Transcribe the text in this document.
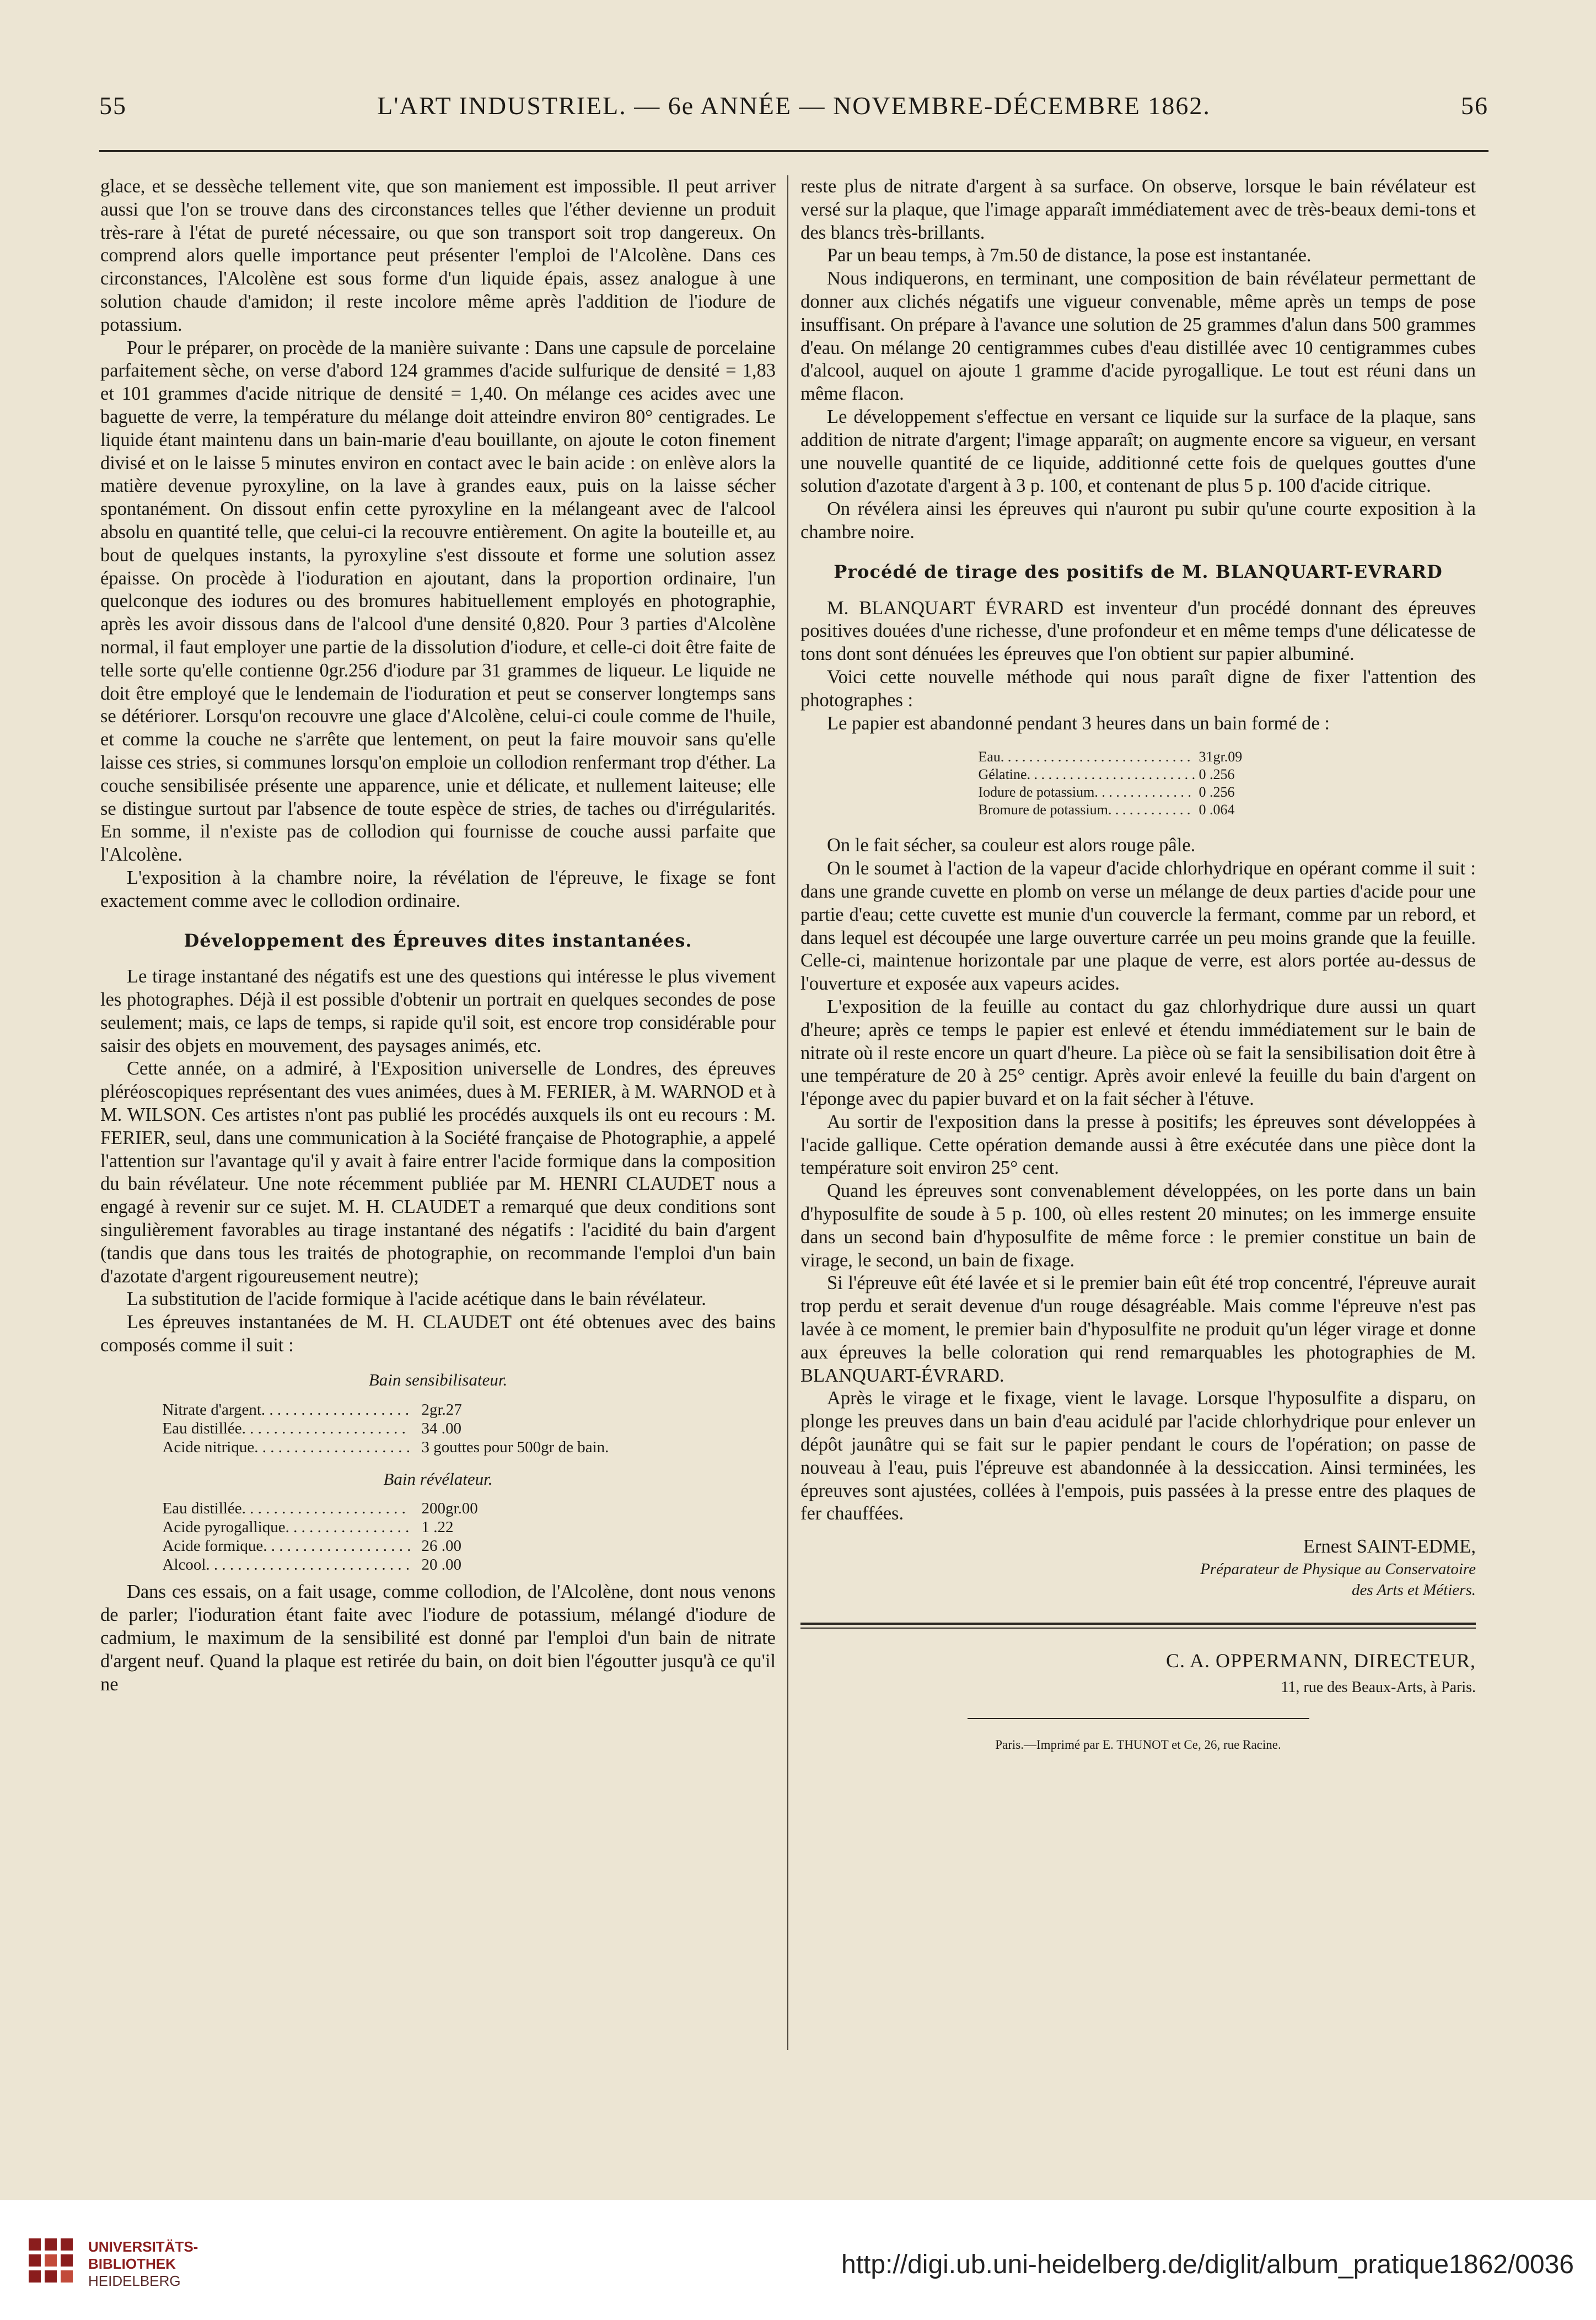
55	L'ART INDUSTRIEL. — 6e ANNÉE — NOVEMBRE-DÉCEMBRE 1862.	56

glace, et se dessèche tellement vite, que son maniement est impossible. Il peut arriver aussi que l'on se trouve dans des circonstances telles que l'éther devienne un produit très-rare à l'état de pureté nécessaire, ou que son transport soit trop dangereux. On comprend alors quelle importance peut présenter l'emploi de l'Alcolène. Dans ces circonstances, l'Alcolène est sous forme d'un liquide épais, assez analogue à une solution chaude d'amidon; il reste incolore même après l'addition de l'iodure de potassium.

Pour le préparer, on procède de la manière suivante : Dans une capsule de porcelaine parfaitement sèche, on verse d'abord 124 grammes d'acide sulfurique de densité = 1,83 et 101 grammes d'acide nitrique de densité = 1,40. On mélange ces acides avec une baguette de verre, la température du mélange doit atteindre environ 80° centigrades. Le liquide étant maintenu dans un bain-marie d'eau bouillante, on ajoute le coton finement divisé et on le laisse 5 minutes environ en contact avec le bain acide : on enlève alors la matière devenue pyroxyline, on la lave à grandes eaux, puis on la laisse sécher spontanément. On dissout enfin cette pyroxyline en la mélangeant avec de l'alcool absolu en quantité telle, que celui-ci la recouvre entièrement. On agite la bouteille et, au bout de quelques instants, la pyroxyline s'est dissoute et forme une solution assez épaisse. On procède à l'ioduration en ajoutant, dans la proportion ordinaire, l'un quelconque des iodures ou des bromures habituellement employés en photographie, après les avoir dissous dans de l'alcool d'une densité 0,820. Pour 3 parties d'Alcolène normal, il faut employer une partie de la dissolution d'iodure, et celle-ci doit être faite de telle sorte qu'elle contienne 0gr.256 d'iodure par 31 grammes de liqueur. Le liquide ne doit être employé que le lendemain de l'ioduration et peut se conserver longtemps sans se détériorer. Lorsqu'on recouvre une glace d'Alcolène, celui-ci coule comme de l'huile, et comme la couche ne s'arrête que lentement, on peut la faire mouvoir sans qu'elle laisse ces stries, si communes lorsqu'on emploie un collodion renfermant trop d'éther. La couche sensibilisée présente une apparence, unie et délicate, et nullement laiteuse; elle se distingue surtout par l'absence de toute espèce de stries, de taches ou d'irrégularités. En somme, il n'existe pas de collodion qui fournisse de couche aussi parfaite que l'Alcolène.

L'exposition à la chambre noire, la révélation de l'épreuve, le fixage se font exactement comme avec le collodion ordinaire.

Développement des Épreuves dites instantanées.

Le tirage instantané des négatifs est une des questions qui intéresse le plus vivement les photographes. Déjà il est possible d'obtenir un portrait en quelques secondes de pose seulement; mais, ce laps de temps, si rapide qu'il soit, est encore trop considérable pour saisir des objets en mouvement, des paysages animés, etc.

Cette année, on a admiré, à l'Exposition universelle de Londres, des épreuves pléréoscopiques représentant des vues animées, dues à M. FERIER, à M. WARNOD et à M. WILSON. Ces artistes n'ont pas publié les procédés auxquels ils ont eu recours : M. FERIER, seul, dans une communication à la Société française de Photographie, a appelé l'attention sur l'avantage qu'il y avait à faire entrer l'acide formique dans la composition du bain révélateur. Une note récemment publiée par M. HENRI CLAUDET nous a engagé à revenir sur ce sujet. M. H. CLAUDET a remarqué que deux conditions sont singulièrement favorables au tirage instantané des négatifs : l'acidité du bain d'argent (tandis que dans tous les traités de photographie, on recommande l'emploi d'un bain d'azotate d'argent rigoureusement neutre);

La substitution de l'acide formique à l'acide acétique dans le bain révélateur.

Les épreuves instantanées de M. H. CLAUDET ont été obtenues avec des bains composés comme il suit :

Bain sensibilisateur.
Nitrate d'argent. . . . . . . . . . . . . . . . . . . 2gr.27
Eau distillée. . . . . . . . . . . . . . . . . . . . . 34 .00
Acide nitrique. . . . . . . . . . . . . . . . . . . . 3 gouttes pour 500gr de bain.
Bain révélateur.
Eau distillée. . . . . . . . . . . . . . . . . . . . . 200gr.00
Acide pyrogallique. . . . . . . . . . . . . . . . 1 .22
Acide formique. . . . . . . . . . . . . . . . . . . 26 .00
Alcool. . . . . . . . . . . . . . . . . . . . . . . . . . 20 .00

Dans ces essais, on a fait usage, comme collodion, de l'Alcolène, dont nous venons de parler; l'ioduration étant faite avec l'iodure de potassium, mélangé d'iodure de cadmium, le maximum de la sensibilité est donné par l'emploi d'un bain de nitrate d'argent neuf. Quand la plaque est retirée du bain, on doit bien l'égoutter jusqu'à ce qu'il ne

reste plus de nitrate d'argent à sa surface. On observe, lorsque le bain révélateur est versé sur la plaque, que l'image apparaît immédiatement avec de très-beaux demi-tons et des blancs très-brillants.

Par un beau temps, à 7m.50 de distance, la pose est instantanée.

Nous indiquerons, en terminant, une composition de bain révélateur permettant de donner aux clichés négatifs une vigueur convenable, même après un temps de pose insuffisant. On prépare à l'avance une solution de 25 grammes d'alun dans 500 grammes d'eau. On mélange 20 centigrammes cubes d'eau distillée avec 10 centigrammes cubes d'alcool, auquel on ajoute 1 gramme d'acide pyrogallique. Le tout est réuni dans un même flacon.

Le développement s'effectue en versant ce liquide sur la surface de la plaque, sans addition de nitrate d'argent; l'image apparaît; on augmente encore sa vigueur, en versant une nouvelle quantité de ce liquide, additionné cette fois de quelques gouttes d'une solution d'azotate d'argent à 3 p. 100, et contenant de plus 5 p. 100 d'acide citrique.

On révélera ainsi les épreuves qui n'auront pu subir qu'une courte exposition à la chambre noire.

Procédé de tirage des positifs de M. BLANQUART-EVRARD

M. BLANQUART ÉVRARD est inventeur d'un procédé donnant des épreuves positives douées d'une richesse, d'une profondeur et en même temps d'une délicatesse de tons dont sont dénuées les épreuves que l'on obtient sur papier albuminé.

Voici cette nouvelle méthode qui nous paraît digne de fixer l'attention des photographes :

Le papier est abandonné pendant 3 heures dans un bain formé de :

Eau. . . . . . . . . . . . . . . . . . . . . . . . . . . 31gr.09
Gélatine. . . . . . . . . . . . . . . . . . . . . . . . 0 .256
Iodure de potassium. . . . . . . . . . . . . . 0 .256
Bromure de potassium. . . . . . . . . . . . 0 .064

On le fait sécher, sa couleur est alors rouge pâle.

On le soumet à l'action de la vapeur d'acide chlorhydrique en opérant comme il suit : dans une grande cuvette en plomb on verse un mélange de deux parties d'acide pour une partie d'eau; cette cuvette est munie d'un couvercle la fermant, comme par un rebord, et dans lequel est découpée une large ouverture carrée un peu moins grande que la feuille. Celle-ci, maintenue horizontale par une plaque de verre, est alors portée au-dessus de l'ouverture et exposée aux vapeurs acides.

L'exposition de la feuille au contact du gaz chlorhydrique dure aussi un quart d'heure; après ce temps le papier est enlevé et étendu immédiatement sur le bain de nitrate où il reste encore un quart d'heure. La pièce où se fait la sensibilisation doit être à une température de 20 à 25° centigr. Après avoir enlevé la feuille du bain d'argent on l'éponge avec du papier buvard et on la fait sécher à l'étuve.

Au sortir de l'exposition dans la presse à positifs; les épreuves sont développées à l'acide gallique. Cette opération demande aussi à être exécutée dans une pièce dont la température soit environ 25° cent.

Quand les épreuves sont convenablement développées, on les porte dans un bain d'hyposulfite de soude à 5 p. 100, où elles restent 20 minutes; on les immerge ensuite dans un second bain d'hyposulfite de même force : le premier constitue un bain de virage, le second, un bain de fixage.

Si l'épreuve eût été lavée et si le premier bain eût été trop concentré, l'épreuve aurait trop perdu et serait devenue d'un rouge désagréable. Mais comme l'épreuve n'est pas lavée à ce moment, le premier bain d'hyposulfite ne produit qu'un léger virage et donne aux épreuves la belle coloration qui rend remarquables les photographies de M. BLANQUART-ÉVRARD.

Après le virage et le fixage, vient le lavage. Lorsque l'hyposulfite a disparu, on plonge les preuves dans un bain d'eau acidulé par l'acide chlorhydrique pour enlever un dépôt jaunâtre qui se fait sur le papier pendant le cours de l'opération; on passe de nouveau à l'eau, puis l'épreuve est abandonnée à la dessiccation. Ainsi terminées, les épreuves sont ajustées, collées à l'empois, puis passées à la presse entre des plaques de fer chauffées.

Ernest SAINT-EDME,
Préparateur de Physique au Conservatoire
des Arts et Métiers.
C. A. OPPERMANN, DIRECTEUR,
11, rue des Beaux-Arts, à Paris.
Paris.—Imprimé par E. THUNOT et Ce, 26, rue Racine.
UNIVERSITÄTS-
BIBLIOTHEK
HEIDELBERG
http://digi.ub.uni-heidelberg.de/diglit/album_pratique1862/0036
